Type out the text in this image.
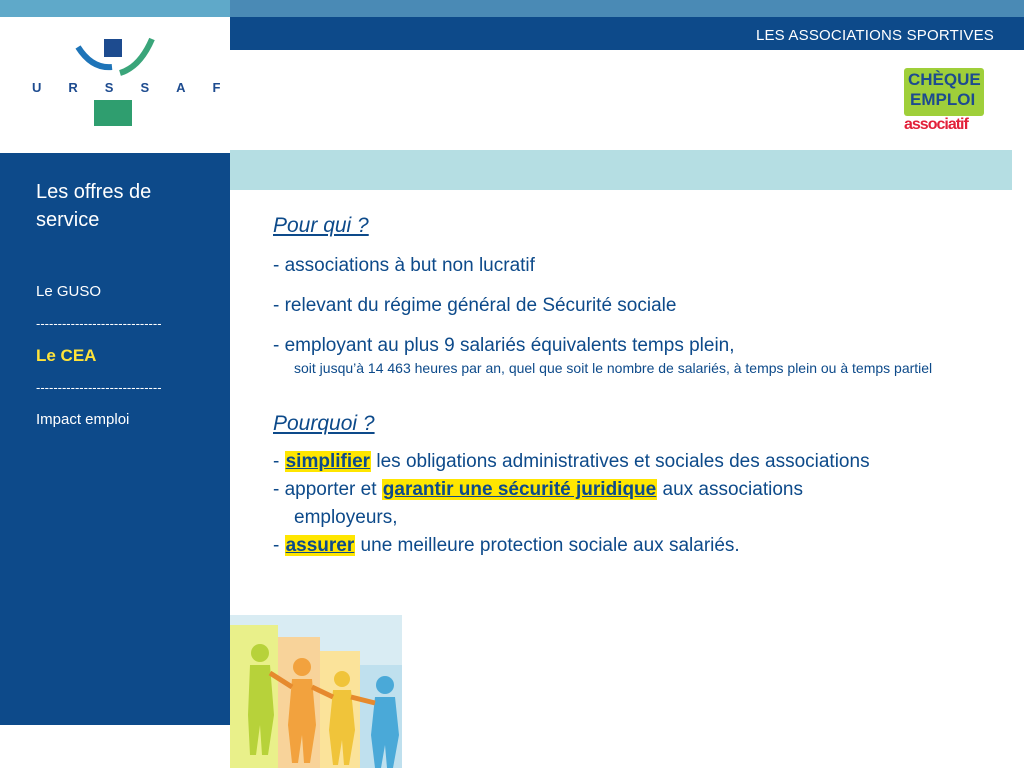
LES ASSOCIATIONS SPORTIVES
URSSAF	CHÈQUE
EMPLOI
associatif
Les offres de service
Le GUSO
-----------------------------
Le CEA
-----------------------------
Impact emploi

Pour qui ?

- associations à but non lucratif

- relevant du régime général de Sécurité sociale

- employant au plus 9 salariés équivalents temps plein,

soit jusqu’à 14 463 heures par an, quel que soit le nombre de salariés, à temps plein ou à temps partiel

Pourquoi ?

- simplifier les obligations administratives et sociales des associations

- apporter et garantir une sécurité juridique aux associations

employeurs,

- assurer une meilleure protection sociale aux salariés.
